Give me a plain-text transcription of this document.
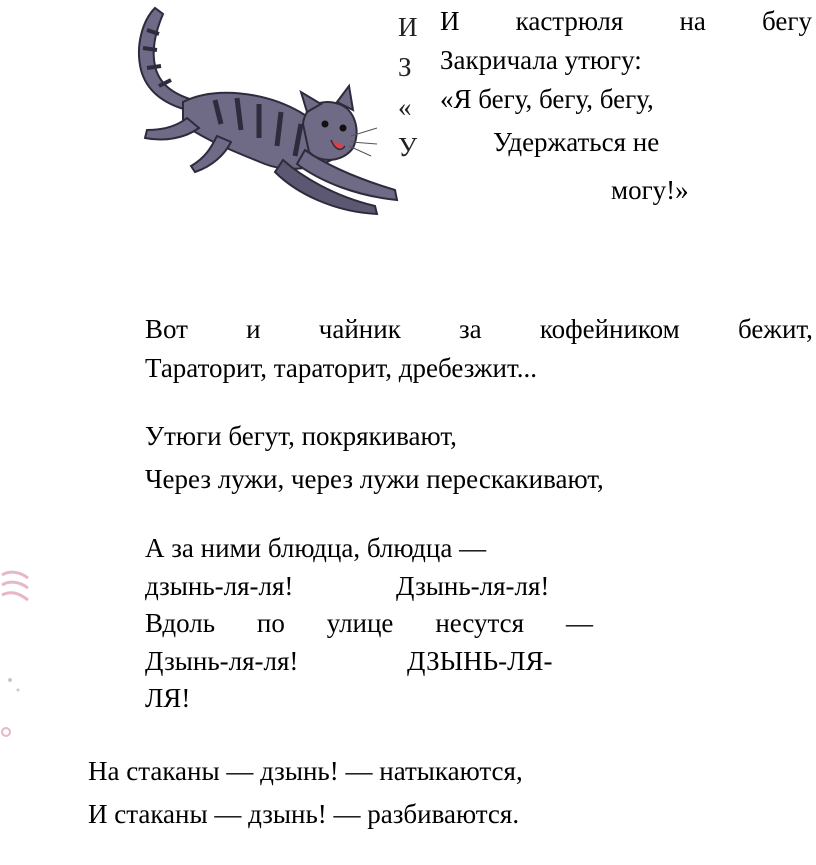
И
З
«
У
И кастрюля на бегу
Закричала утюгу:
«Я бегу, бегу, бегу,
Удержаться не
могу!»
Вот и чайник за кофейником бежит,
Тараторит, тараторит, дребезжит...
Утюги бегут, покрякивают,
Через лужи, через лужи перескакивают,
А за ними блюдца, блюдца —
дзынь-ля-ля!	Дзынь-ля-ля!
Вдоль по улице несутся —
Дзынь-ля-ля!	ДЗЫНЬ-ЛЯ-
ЛЯ!
На стаканы — дзынь! — натыкаются,
И стаканы — дзынь! — разбиваются.
